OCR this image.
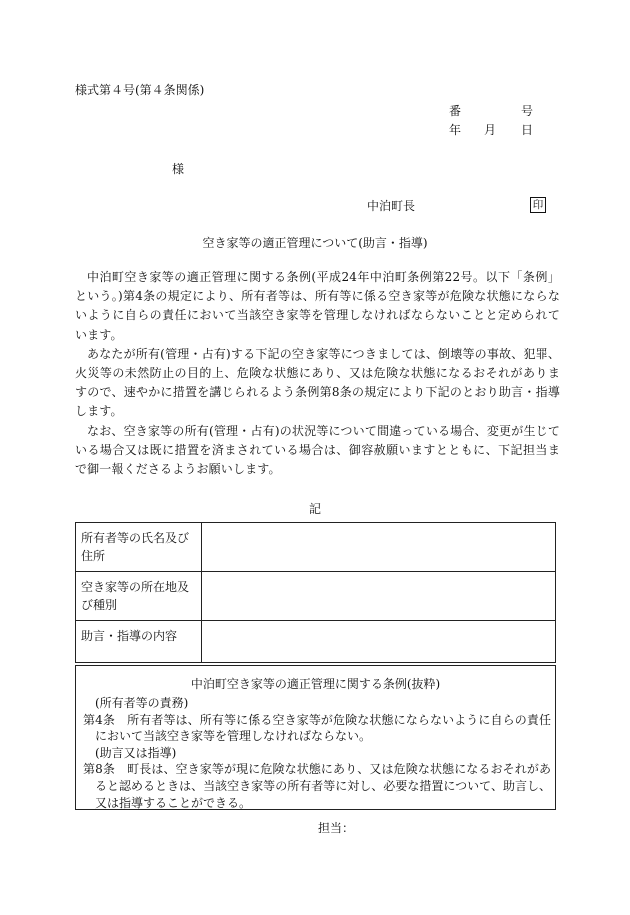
様式第４号(第４条関係)
番	号
年 月 日
様
中泊町長	印
空き家等の適正管理について(助言・指導)

中泊町空き家等の適正管理に関する条例(平成24年中泊町条例第22号。以下「条例」という。)第4条の規定により、所有者等は、所有等に係る空き家等が危険な状態にならないように自らの責任において当該空き家等を管理しなければならないことと定められています。

あなたが所有(管理・占有)する下記の空き家等につきましては、倒壊等の事故、犯罪、火災等の未然防止の目的上、危険な状態にあり、又は危険な状態になるおそれがありますので、速やかに措置を講じられるよう条例第8条の規定により下記のとおり助言・指導します。

なお、空き家等の所有(管理・占有)の状況等について間違っている場合、変更が生じている場合又は既に措置を済まされている場合は、御容赦願いますとともに、下記担当まで御一報くださるようお願いします。

記
所有者等の氏名及び住所	
空き家等の所在地及び種別	
助言・指導の内容	
中泊町空き家等の適正管理に関する条例(抜粋)
(所有者等の責務)
第4条　所有者等は、所有等に係る空き家等が危険な状態にならないように自らの責任において当該空き家等を管理しなければならない。
(助言又は指導)
第8条　町長は、空き家等が現に危険な状態にあり、又は危険な状態になるおそれがあると認めるときは、当該空き家等の所有者等に対し、必要な措置について、助言し、又は指導することができる。
担当：
